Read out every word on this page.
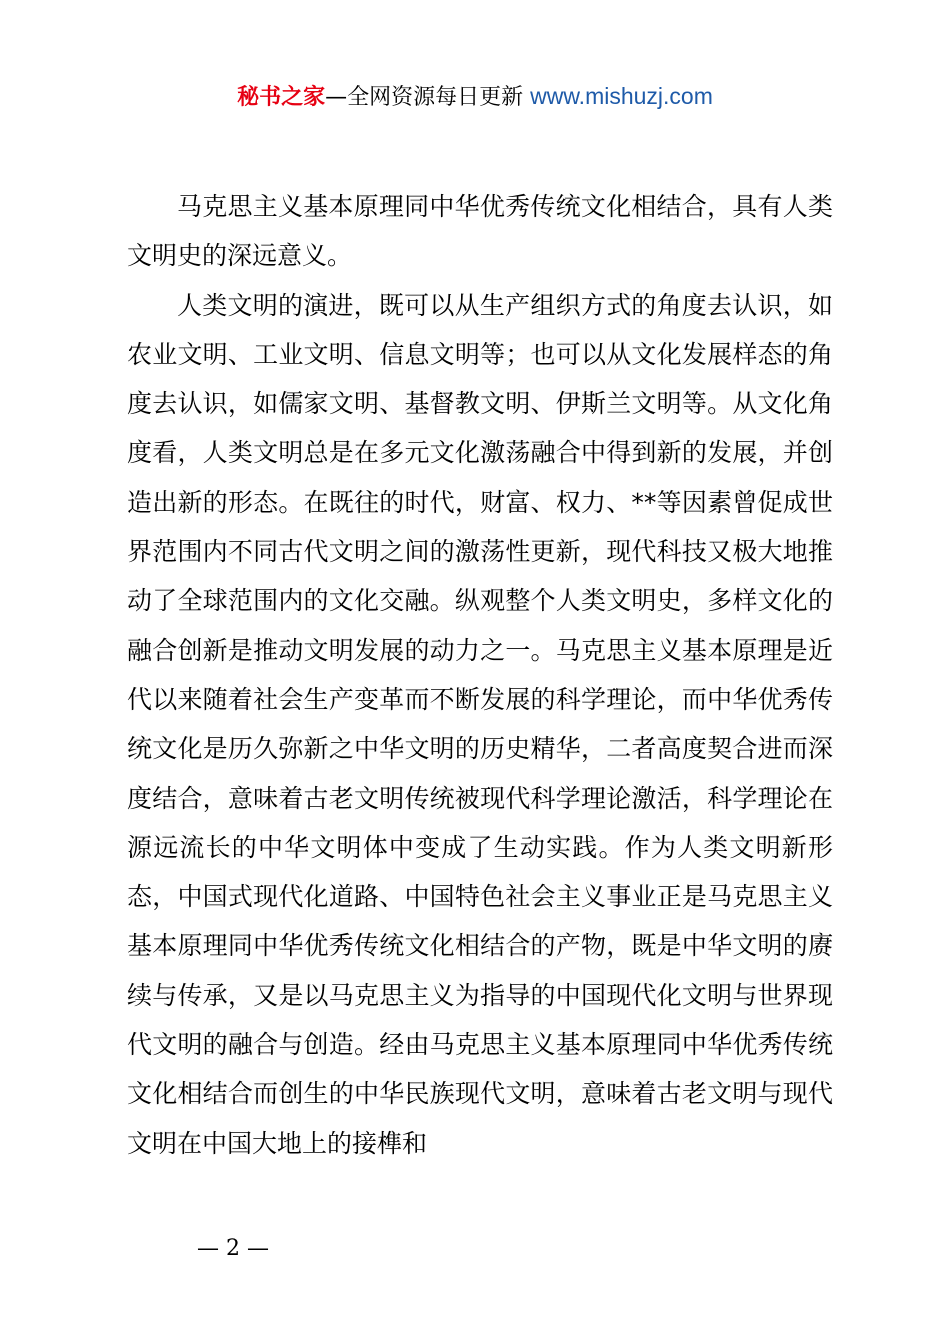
秘书之家—全网资源每日更新 www.mishuzj.com

马克思主义基本原理同中华优秀传统文化相结合，具有人类文明史的深远意义。

人类文明的演进，既可以从生产组织方式的角度去认识，如农业文明、工业文明、信息文明等；也可以从文化发展样态的角度去认识，如儒家文明、基督教文明、伊斯兰文明等。从文化角度看，人类文明总是在多元文化激荡融合中得到新的发展，并创造出新的形态。在既往的时代，财富、权力、**等因素曾促成世界范围内不同古代文明之间的激荡性更新，现代科技又极大地推动了全球范围内的文化交融。纵观整个人类文明史，多样文化的融合创新是推动文明发展的动力之一。马克思主义基本原理是近代以来随着社会生产变革而不断发展的科学理论，而中华优秀传统文化是历久弥新之中华文明的历史精华，二者高度契合进而深度结合，意味着古老文明传统被现代科学理论激活，科学理论在源远流长的中华文明体中变成了生动实践。作为人类文明新形态，中国式现代化道路、中国特色社会主义事业正是马克思主义基本原理同中华优秀传统文化相结合的产物，既是中华文明的赓续与传承，又是以马克思主义为指导的中国现代化文明与世界现代文明的融合与创造。经由马克思主义基本原理同中华优秀传统文化相结合而创生的中华民族现代文明，意味着古老文明与现代文明在中国大地上的接榫和

— 2 —
